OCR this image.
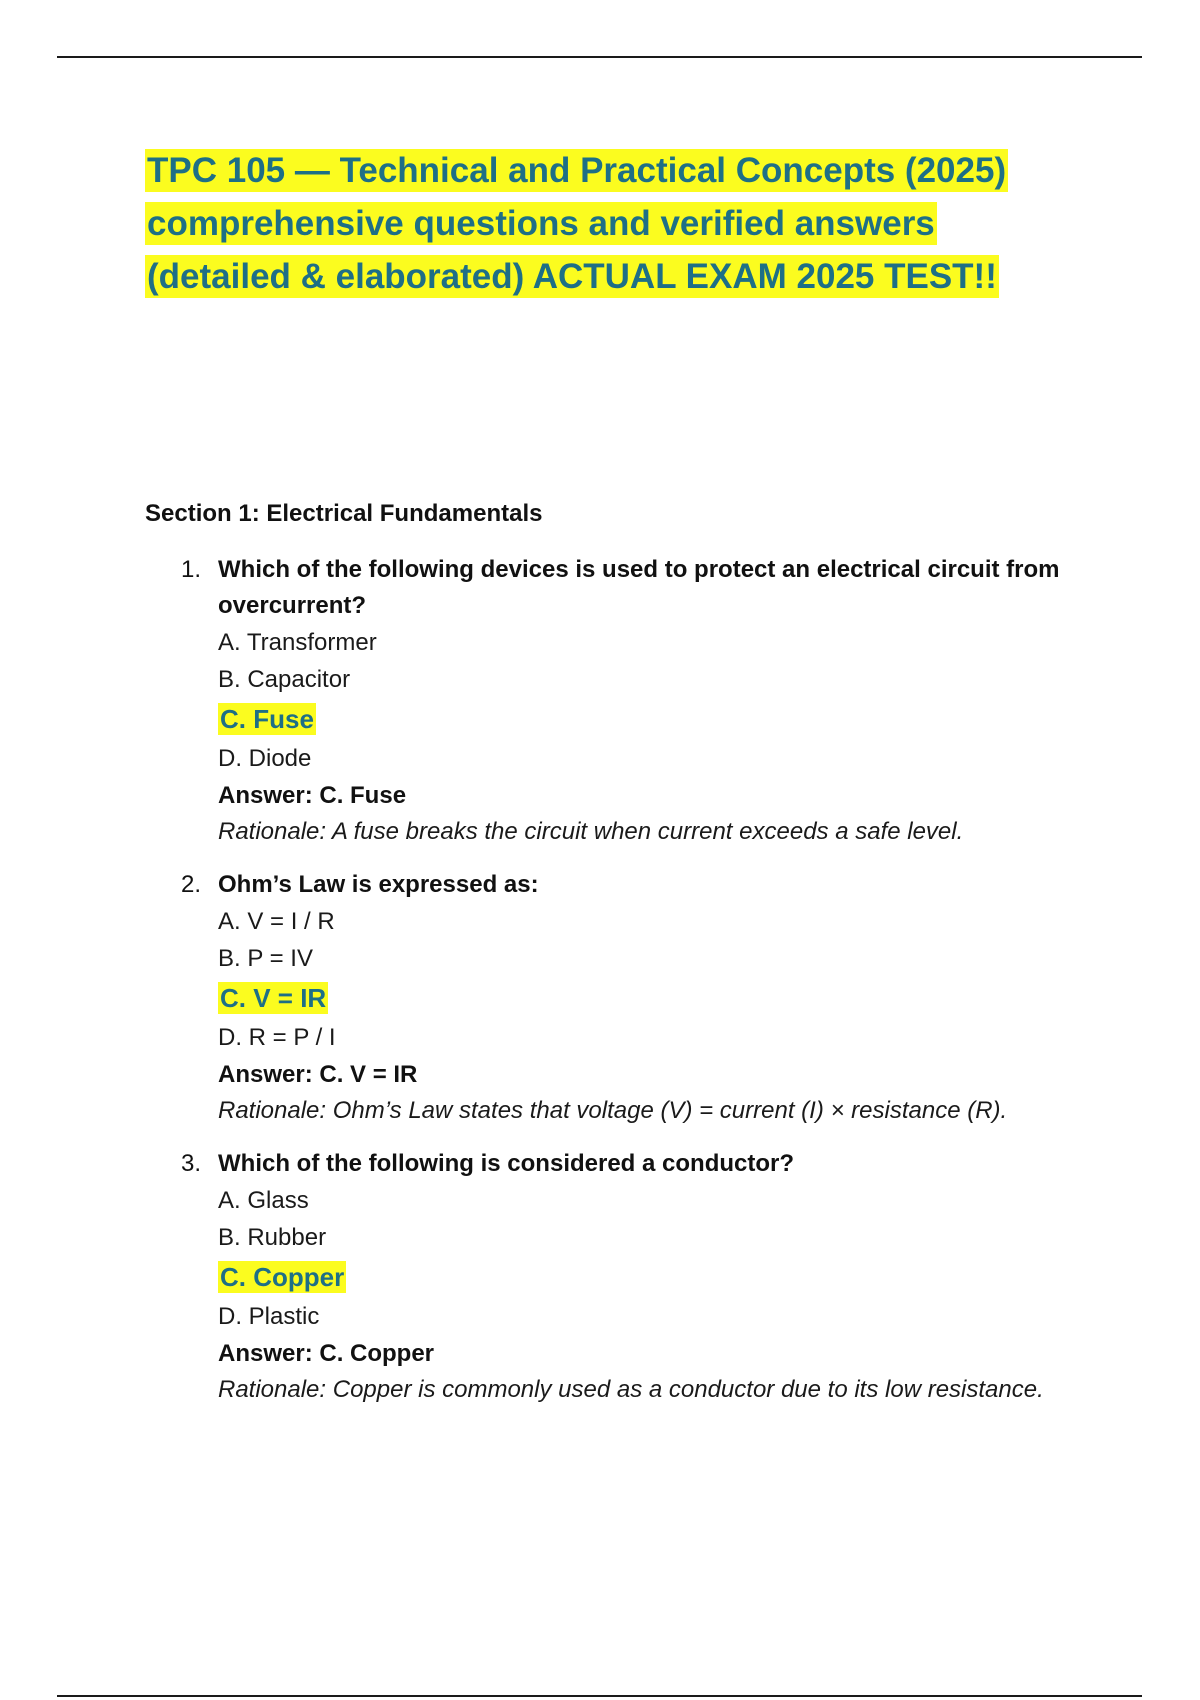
TPC 105 — Technical and Practical Concepts (2025) comprehensive questions and verified answers (detailed & elaborated) ACTUAL EXAM 2025 TEST!!
Section 1: Electrical Fundamentals
1. Which of the following devices is used to protect an electrical circuit from overcurrent?

A. Transformer

B. Capacitor

C. Fuse

D. Diode

Answer: C. Fuse

Rationale: A fuse breaks the circuit when current exceeds a safe level.

2. Ohm’s Law is expressed as:

A. V = I / R

B. P = IV

C. V = IR

D. R = P / I

Answer: C. V = IR

Rationale: Ohm’s Law states that voltage (V) = current (I) × resistance (R).

3. Which of the following is considered a conductor?

A. Glass

B. Rubber

C. Copper

D. Plastic

Answer: C. Copper

Rationale: Copper is commonly used as a conductor due to its low resistance.
